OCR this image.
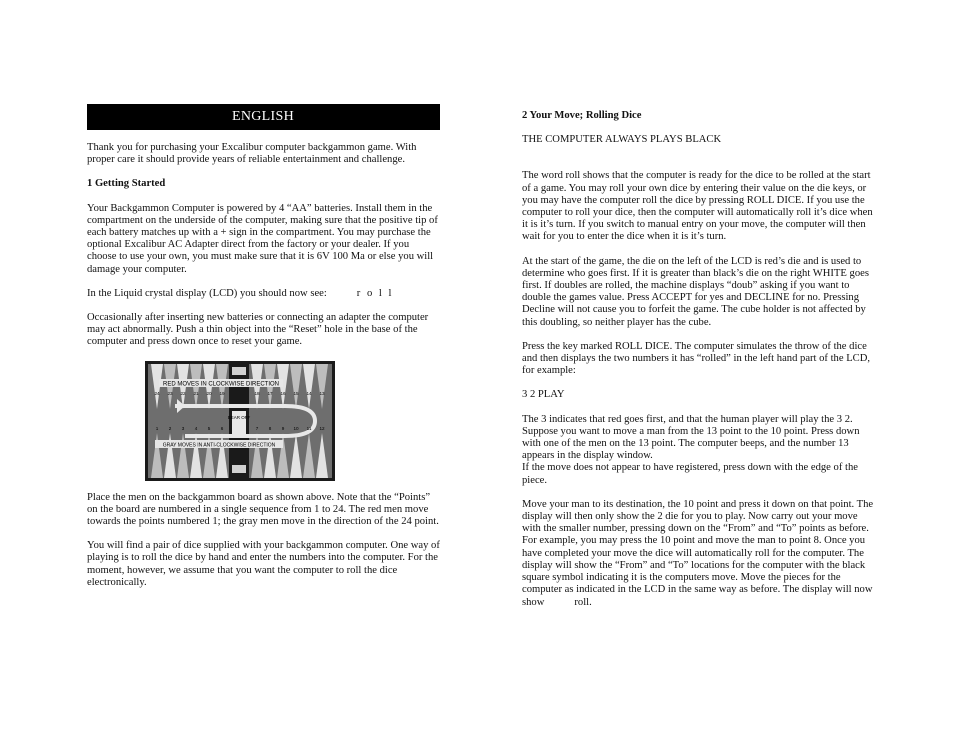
ENGLISH

Thank you for purchasing your Excalibur computer backgammon game. With proper care it should provide years of reliable entertainment and challenge.

1 Getting Started

Your Backgammon Computer is powered by 4 “AA” batteries. Install them in the compartment on the underside of the computer, making sure that the positive tip of each battery matches up with a + sign in the compartment. You may purchase the optional Excalibur AC Adapter direct from the factory or your dealer. If you choose to use your own, you must make sure that it is 6V 100 Ma or else you will damage your computer.

In the Liquid crystal display (LCD) you should now see:	r o l l

Occasionally after inserting new batteries or connecting an adapter the computer may act abnormally. Push a thin object into the “Reset” hole in the base of the computer and press down once to reset your game.

BEAR OFF
RED MOVES IN CLOCKWISE DIRECTION
GRAY MOVES IN ANTI-CLOCKWISE DIRECTION
24 23 22 21 20 19	18 17 16 15 14 13
1 2 3 4 5 6	7 8 9 10 11 12

Place the men on the backgammon board as shown above. Note that the “Points” on the board are numbered in a single sequence from 1 to 24. The red men move towards the points numbered 1; the gray men move in the direction of the 24 point.

You will find a pair of dice supplied with your backgammon computer. One way of playing is to roll the dice by hand and enter the numbers into the computer. For the moment, however, we assume that you want the computer to roll the dice electronically.

2 Your Move; Rolling Dice

THE COMPUTER ALWAYS PLAYS BLACK

The word roll shows that the computer is ready for the dice to be rolled at the start of a game. You may roll your own dice by entering their value on the die keys, or you may have the computer roll the dice by pressing ROLL DICE. If you use the computer to roll your dice, then the computer will automatically roll it’s dice when it is it’s turn. If you switch to manual entry on your move, the computer will then wait for you to enter the dice when it is it’s turn.

At the start of the game, the die on the left of the LCD is red’s die and is used to determine who goes first. If it is greater than black’s die on the right WHITE goes first. If doubles are rolled, the machine displays “doub” asking if you want to double the games value. Press ACCEPT for yes and DECLINE for no. Pressing Decline will not cause you to forfeit the game. The cube holder is not affected by this doubling, so neither player has the cube.

Press the key marked ROLL DICE. The computer simulates the throw of the dice and then displays the two numbers it has “rolled” in the left hand part of the LCD, for example:

3 2 PLAY

The 3 indicates that red goes first, and that the human player will play the 3 2. Suppose you want to move a man from the 13 point to the 10 point. Press down with one of the men on the 13 point. The computer beeps, and the number 13 appears in the display window.

If the move does not appear to have registered, press down with the edge of the piece.

Move your man to its destination, the 10 point and press it down on that point. The display will then only show the 2 die for you to play. Now carry out your move with the smaller number, pressing down on the “From” and “To” points as before. For example, you may press the 10 point and move the man to point 8. Once you have completed your move the dice will automatically roll for the computer. The display will show the “From” and “To” locations for the computer with the black square symbol indicating it is the computers move. Move the pieces for the computer as indicated in the LCD in the same way as before. The display will now show	roll.
